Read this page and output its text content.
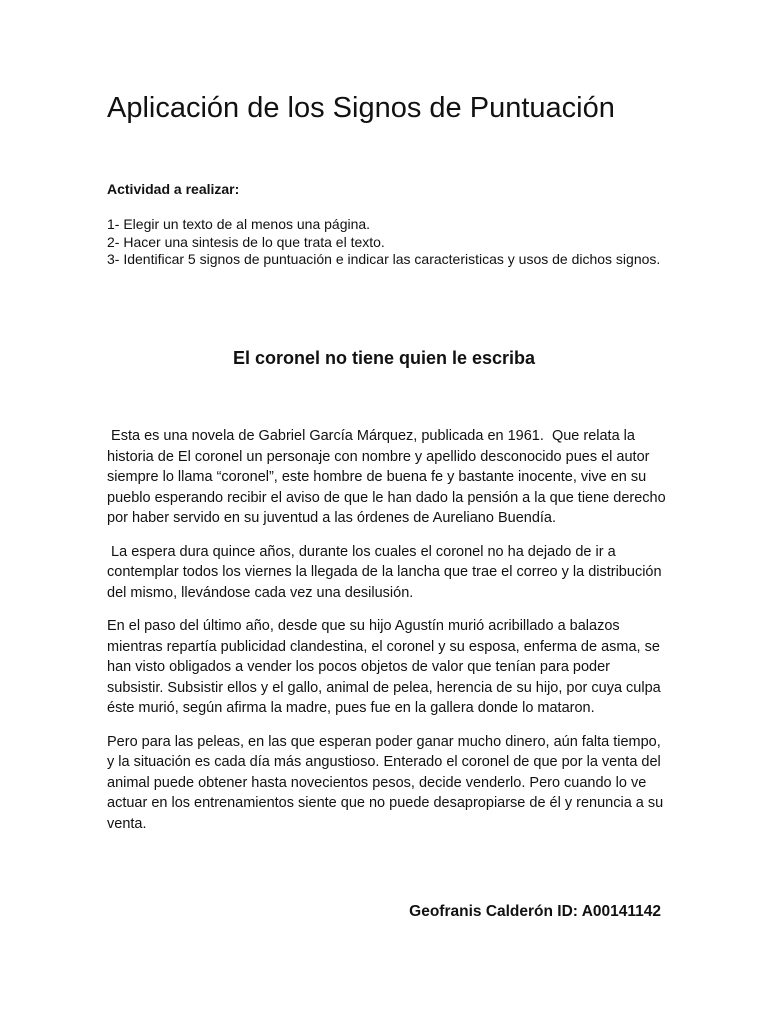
Aplicación de los Signos de Puntuación

Actividad a realizar:

1- Elegir un texto de al menos una página.
2- Hacer una sintesis de lo que trata el texto.
3- Identificar 5 signos de puntuación e indicar las caracteristicas y usos de dichos signos.
El coronel no tiene quien le escriba

Esta es una novela de Gabriel García Márquez, publicada en 1961.  Que relata la historia de El coronel un personaje con nombre y apellido desconocido pues el autor siempre lo llama “coronel”, este hombre de buena fe y bastante inocente, vive en su pueblo esperando recibir el aviso de que le han dado la pensión a la que tiene derecho por haber servido en su juventud a las órdenes de Aureliano Buendía.

La espera dura quince años, durante los cuales el coronel no ha dejado de ir a contemplar todos los viernes la llegada de la lancha que trae el correo y la distribución del mismo, llevándose cada vez una desilusión.

En el paso del último año, desde que su hijo Agustín murió acribillado a balazos mientras repartía publicidad clandestina, el coronel y su esposa, enferma de asma, se han visto obligados a vender los pocos objetos de valor que tenían para poder subsistir. Subsistir ellos y el gallo, animal de pelea, herencia de su hijo, por cuya culpa éste murió, según afirma la madre, pues fue en la gallera donde lo mataron.

Pero para las peleas, en las que esperan poder ganar mucho dinero, aún falta tiempo, y la situación es cada día más angustioso. Enterado el coronel de que por la venta del animal puede obtener hasta novecientos pesos, decide venderlo. Pero cuando lo ve actuar en los entrenamientos siente que no puede desapropiarse de él y renuncia a su venta.

Geofranis Calderón ID: A00141142
